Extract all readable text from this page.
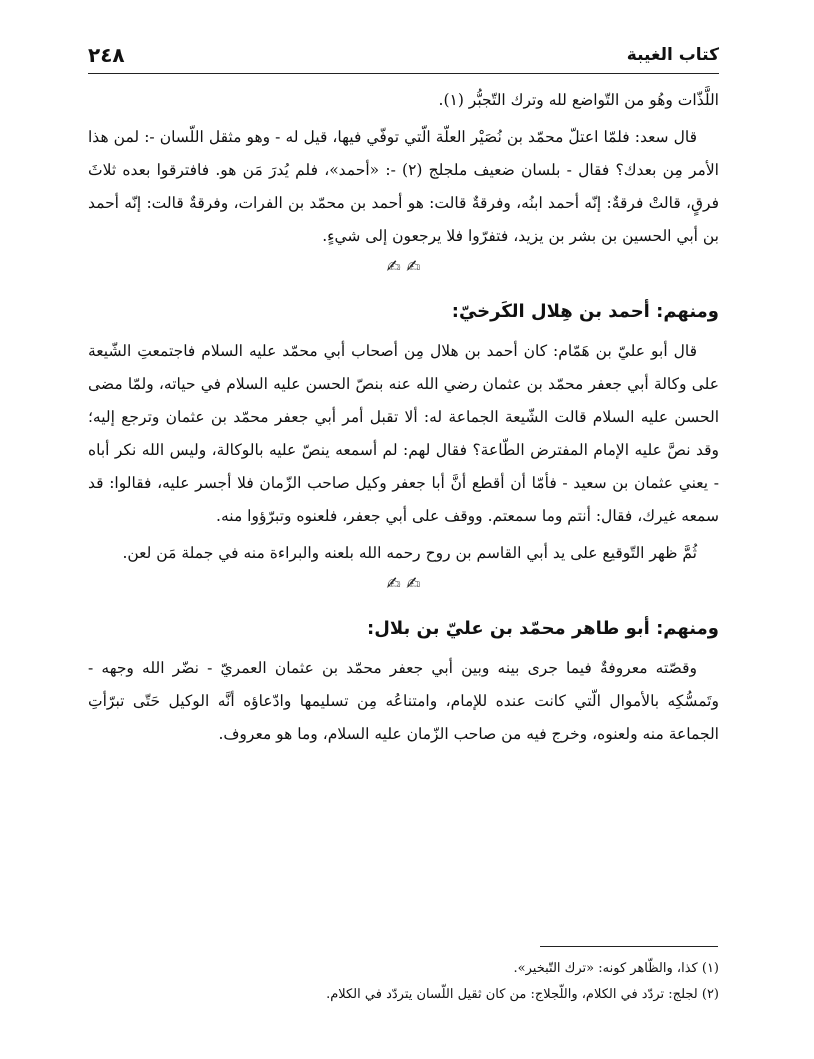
كتاب الغيبة
٢٤٨

اللَّذّات وهُو من التّواضع لله وترك التّجبُّر (١).

قال سعد: فلمّا اعتلّ محمّد بن نُصَيْر العلّة الّتي توفّي فيها، قيل له - وهو مثقل اللّسان -: لمن هذا الأمر مِن بعدك؟ فقال - بلسان ضعيف ملجلج (٢) -: «أحمد»، فلم يُدرَ مَن هو. فافترقوا بعده ثلاثَ فرقٍ، قالتْ فرقةٌ: إنّه أحمد ابنُه، وفرقةٌ قالت: هو أحمد بن محمّد بن الفرات، وفرقةٌ قالت: إنّه أحمد بن أبي الحسين بن بشر بن يزيد، فتفرّوا فلا يرجعون إلى شيءٍ.

✍ ✍
ومنهم: أحمد بن هِلال الكَرخيّ:

قال أبو عليّ بن هَمّام: كان أحمد بن هلال مِن أصحاب أبي محمّد عليه السلام فاجتمعتِ الشّيعة على وكالة أبي جعفر محمّد بن عثمان رضي الله عنه بنصّ الحسن عليه السلام في حياته، ولمّا مضى الحسن عليه السلام قالت الشّيعة الجماعة له: ألا تقبل أمر أبي جعفر محمّد بن عثمان وترجع إليه؛ وقد نصَّ عليه الإمام المفترض الطّاعة؟ فقال لهم: لم أسمعه ينصّ عليه بالوكالة، وليس الله نكر أباه - يعني عثمان بن سعيد - فأمّا أن أقطع أنَّ أبا جعفر وكيل صاحب الزّمان فلا أجسر عليه، فقالوا: قد سمعه غيرك، فقال: أنتم وما سمعتم. ووقف على أبي جعفر، فلعنوه وتبرّؤوا منه.

ثُمَّ ظهر التّوقيع على يد أبي القاسم بن روح رحمه الله بلعنه والبراءة منه في جملة مَن لعن.

✍ ✍
ومنهم: أبو طاهر محمّد بن عليّ بن بلال:

وقصّته معروفةٌ فيما جرى بينه وبين أبي جعفر محمّد بن عثمان العمريّ - نضّر الله وجهه - وتَمسُّكِه بالأموال الّتي كانت عنده للإمام، وامتناعُه مِن تسليمها وادّعاؤه أنَّه الوكيل حَتّى تبرّأتِ الجماعة منه ولعنوه، وخرج فيه من صاحب الزّمان عليه السلام، وما هو معروف.

(١) كذا، والظّاهر كونه: «ترك التّبخير».

(٢) لجلج: تردّد في الكلام، واللّجلاج: من كان ثقيل اللّسان يتردّد في الكلام.
